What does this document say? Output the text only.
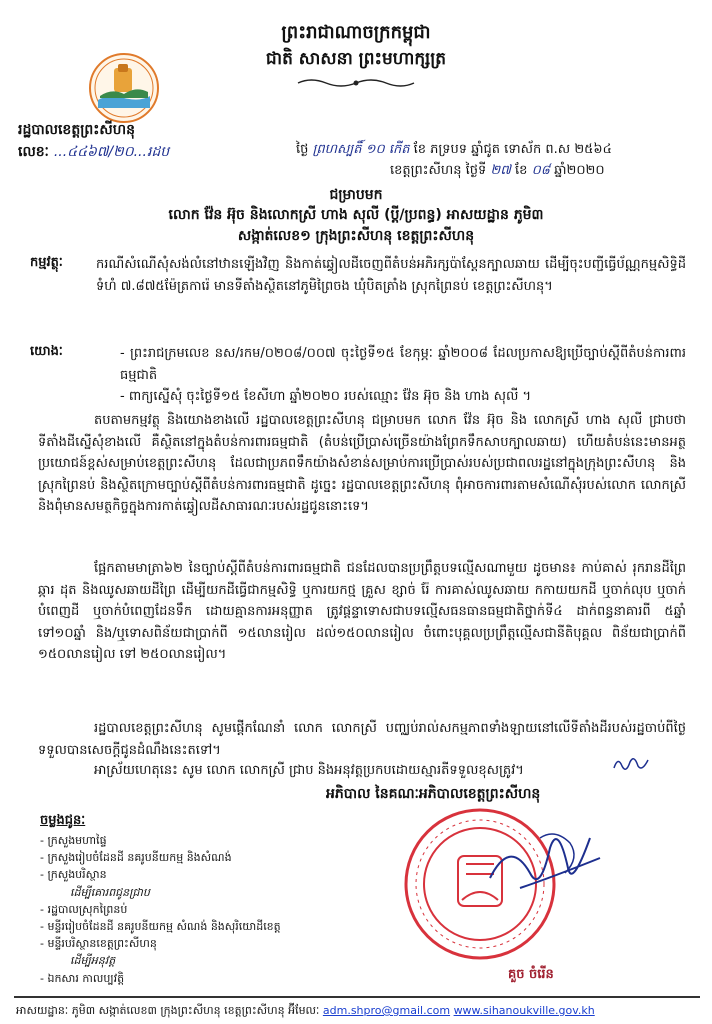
ព្រះរាជាណាចក្រកម្ពុជា
ជាតិ សាសនា ព្រះមហាក្សត្រ
រដ្ឋបាលខេត្តព្រះសីហនុ
លេខៈ ...៤៤៦៧/២០...រដប	ថ្ងៃ ព្រហស្បតិ៍ ១០ កើត ខែ ភទ្របទ ឆ្នាំជូត ទោស័ក ព.ស ២៥៦៤
ខេត្តព្រះសីហនុ ថ្ងៃទី ២៧ ខែ ០៨ ឆ្នាំ២០២០
ជម្រាបមក
លោក វ៉ែន អ៊ុច និងលោកស្រី ហាង សុលី (ប្តី/ប្រពន្ធ) អាសយដ្ឋាន ភូមិ៣
សង្កាត់លេខ១ ក្រុងព្រះសីហនុ ខេត្តព្រះសីហនុ
កម្មវត្ថុៈ	ករណីសំណើសុំសង់លំនៅឋានឡើងវិញ និងកាត់ឆ្វៀលដីចេញពីតំបន់អភិរក្សប៉ាស្តែនក្បាលឆាយ ដើម្បីចុះបញ្ជីធ្វើប័ណ្ណកម្មសិទ្ធិដីទំហំ ៧.៨៧៥ម៉ែត្រការ៉េ មានទីតាំងស្ថិតនៅភូមិព្រៃចង ឃុំបិតត្រាំង ស្រុកព្រៃនប់ ខេត្តព្រះសីហនុ។
យោងៈ	- ព្រះរាជក្រមលេខ នស/រកម/០២០៨/០០៧ ចុះថ្ងៃទី១៥ ខែកុម្ភៈ ឆ្នាំ២០០៨ ដែលប្រកាសឱ្យប្រើច្បាប់ស្តីពីតំបន់ការពារធម្មជាតិ
- ពាក្យស្នើសុំ ចុះថ្ងៃទី១៥ ខែសីហា ឆ្នាំ២០២០ របស់ឈ្មោះ វ៉ែន អ៊ុច និង ហាង សុលី ។
តបតាមកម្មវត្ថុ និងយោងខាងលើ រដ្ឋបាលខេត្តព្រះសីហនុ ជម្រាបមក លោក វ៉ែន អ៊ុច និង លោកស្រី ហាង សុលី ជ្រាបថា ទីតាំងដីស្នើសុំខាងលើ គឺស្ថិតនៅក្នុងតំបន់ការពារធម្មជាតិ (តំបន់ប្រើប្រាស់ច្រើនយ៉ាងព្រែកទឹកសាបក្បាលឆាយ) ហើយតំបន់នេះមានអត្ថប្រយោជន៍ខ្ពស់សម្រាប់ខេត្តព្រះសីហនុ ដែលជាប្រភពទឹកយ៉ាងសំខាន់សម្រាប់ការប្រើប្រាស់របស់ប្រជាពលរដ្ឋនៅក្នុងក្រុងព្រះសីហនុ និងស្រុកព្រៃនប់ និងស្ថិតក្រោមច្បាប់ស្តីពីតំបន់ការពារធម្មជាតិ ដូច្នេះ រដ្ឋបាលខេត្តព្រះសីហនុ ពុំអាចការពារតាមសំណើសុំរបស់លោក លោកស្រី និងពុំមានសមត្ថកិច្ចក្នុងការកាត់ឆ្វៀលដីសាធារណៈរបស់រដ្ឋជូននោះទេ។
ផ្អែកតាមមាត្រា៦២ នៃច្បាប់ស្តីពីតំបន់ការពារធម្មជាតិ ជនដែលបានប្រព្រឹត្តបទល្មើសណាមួយ ដូចមាន៖ កាប់គាស់ រុករានដីព្រៃ ឆ្ការ ដុត និងឈូសឆាយដីព្រៃ ដើម្បីយកដីធ្វើជាកម្មសិទ្ធិ ឬការយកថ្ម គ្រួស ខ្សាច់ រ៉ែ ការគាស់ឈូសឆាយ កកាយយកដី ឬចាក់លុប ឬចាក់បំពេញដី ឬចាក់បំពេញដែនទឹក ដោយគ្មានការអនុញ្ញាត ត្រូវផ្តន្ទាទោសជាបទល្មើសធនធានធម្មជាតិថ្នាក់ទី៤ ដាក់ពន្ធនាគារពី ៥ឆ្នាំ ទៅ១០ឆ្នាំ និង/ឬទោសពិន័យជាប្រាក់ពី ១៥លានរៀល ដល់១៥០លានរៀល ចំពោះបុគ្គលប្រព្រឹត្តល្មើសជានីតិបុគ្គល ពិន័យជាប្រាក់ពី ១៥០លានរៀល ទៅ ២៥០លានរៀល។
រដ្ឋបាលខេត្តព្រះសីហនុ សូមផ្តើកណែនាំ លោក លោកស្រី បញ្ឈប់រាល់សកម្មភាពទាំងឡាយនៅលើទីតាំងដីរបស់រដ្ឋចាប់ពីថ្ងៃទទួលបានសេចក្តីជូនដំណឹងនេះតទៅ។
អាស្រ័យហេតុនេះ សូម លោក លោកស្រី ជ្រាប និងអនុវត្តប្រកបដោយស្មារតីទទួលខុសត្រូវ។
អភិបាល នៃគណៈអភិបាលខេត្តព្រះសីហនុ
គួច ចំរើន
ចម្លងជូនៈ
- ក្រសួងមហាផ្ទៃ
- ក្រសួងរៀបចំដែនដី នគរូបនីយកម្ម និងសំណង់
- ក្រសួងបរិស្ថាន
ដើម្បីគោរពជូនជ្រាប
- រដ្ឋបាលស្រុកព្រៃនប់
- មន្ទីររៀបចំដែនដី នគរូបនីយកម្ម សំណង់ និងសុរិយោដីខេត្ត
- មន្ទីរបរិស្ថានខេត្តព្រះសីហនុ
ដើម្បីអនុវត្ត
- ឯកសារ កាលប្បវត្តិ
អាសយដ្ឋានៈ ភូមិ៣ សង្កាត់លេខ៣ ក្រុងព្រះសីហនុ ខេត្តព្រះសីហនុ អ៊ីមែលៈ adm.shpro@gmail.com www.sihanoukville.gov.kh
